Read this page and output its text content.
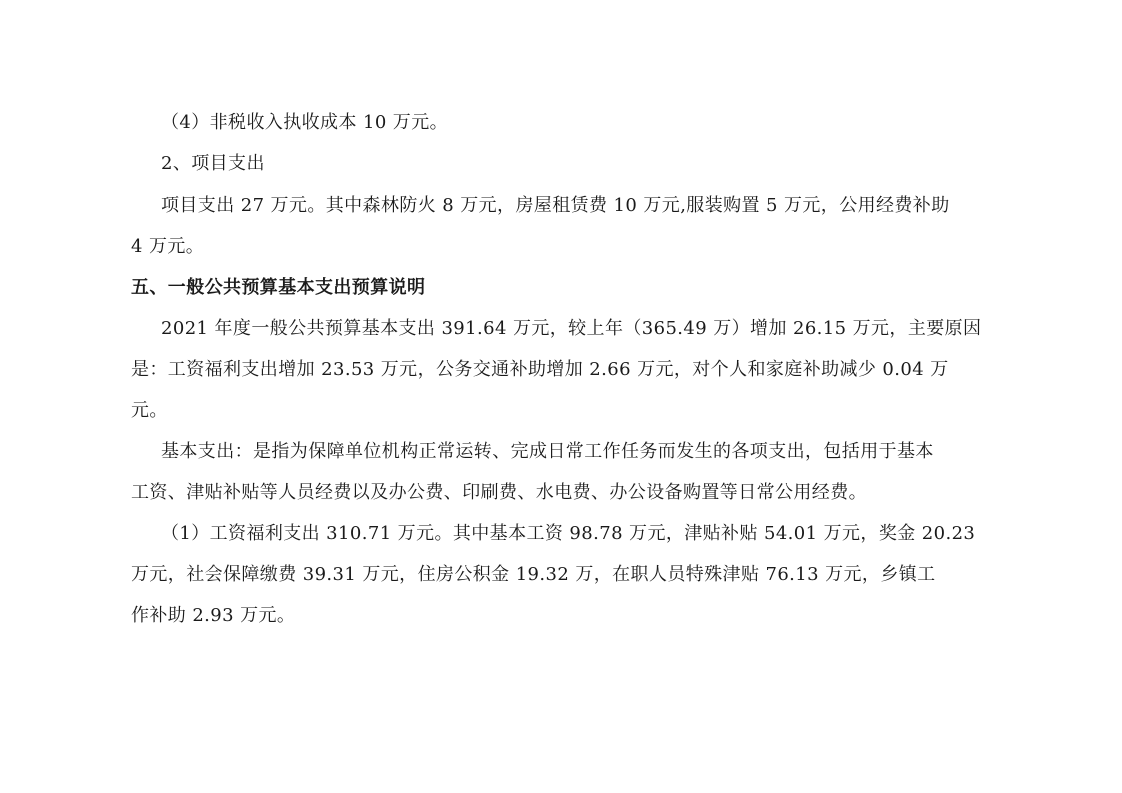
（4）非税收入执收成本 10 万元。

2、项目支出

项目支出 27 万元。其中森林防火 8 万元，房屋租赁费 10 万元,服装购置 5 万元，公用经费补助

4 万元。

五、一般公共预算基本支出预算说明

2021 年度一般公共预算基本支出 391.64 万元，较上年（365.49 万）增加 26.15 万元，主要原因

是：工资福利支出增加 23.53 万元，公务交通补助增加 2.66 万元，对个人和家庭补助减少 0.04 万

元。

基本支出：是指为保障单位机构正常运转、完成日常工作任务而发生的各项支出，包括用于基本

工资、津贴补贴等人员经费以及办公费、印刷费、水电费、办公设备购置等日常公用经费。

（1）工资福利支出 310.71 万元。其中基本工资 98.78 万元，津贴补贴 54.01 万元，奖金 20.23

万元，社会保障缴费 39.31 万元，住房公积金 19.32 万，在职人员特殊津贴 76.13 万元，乡镇工

作补助 2.93 万元。
